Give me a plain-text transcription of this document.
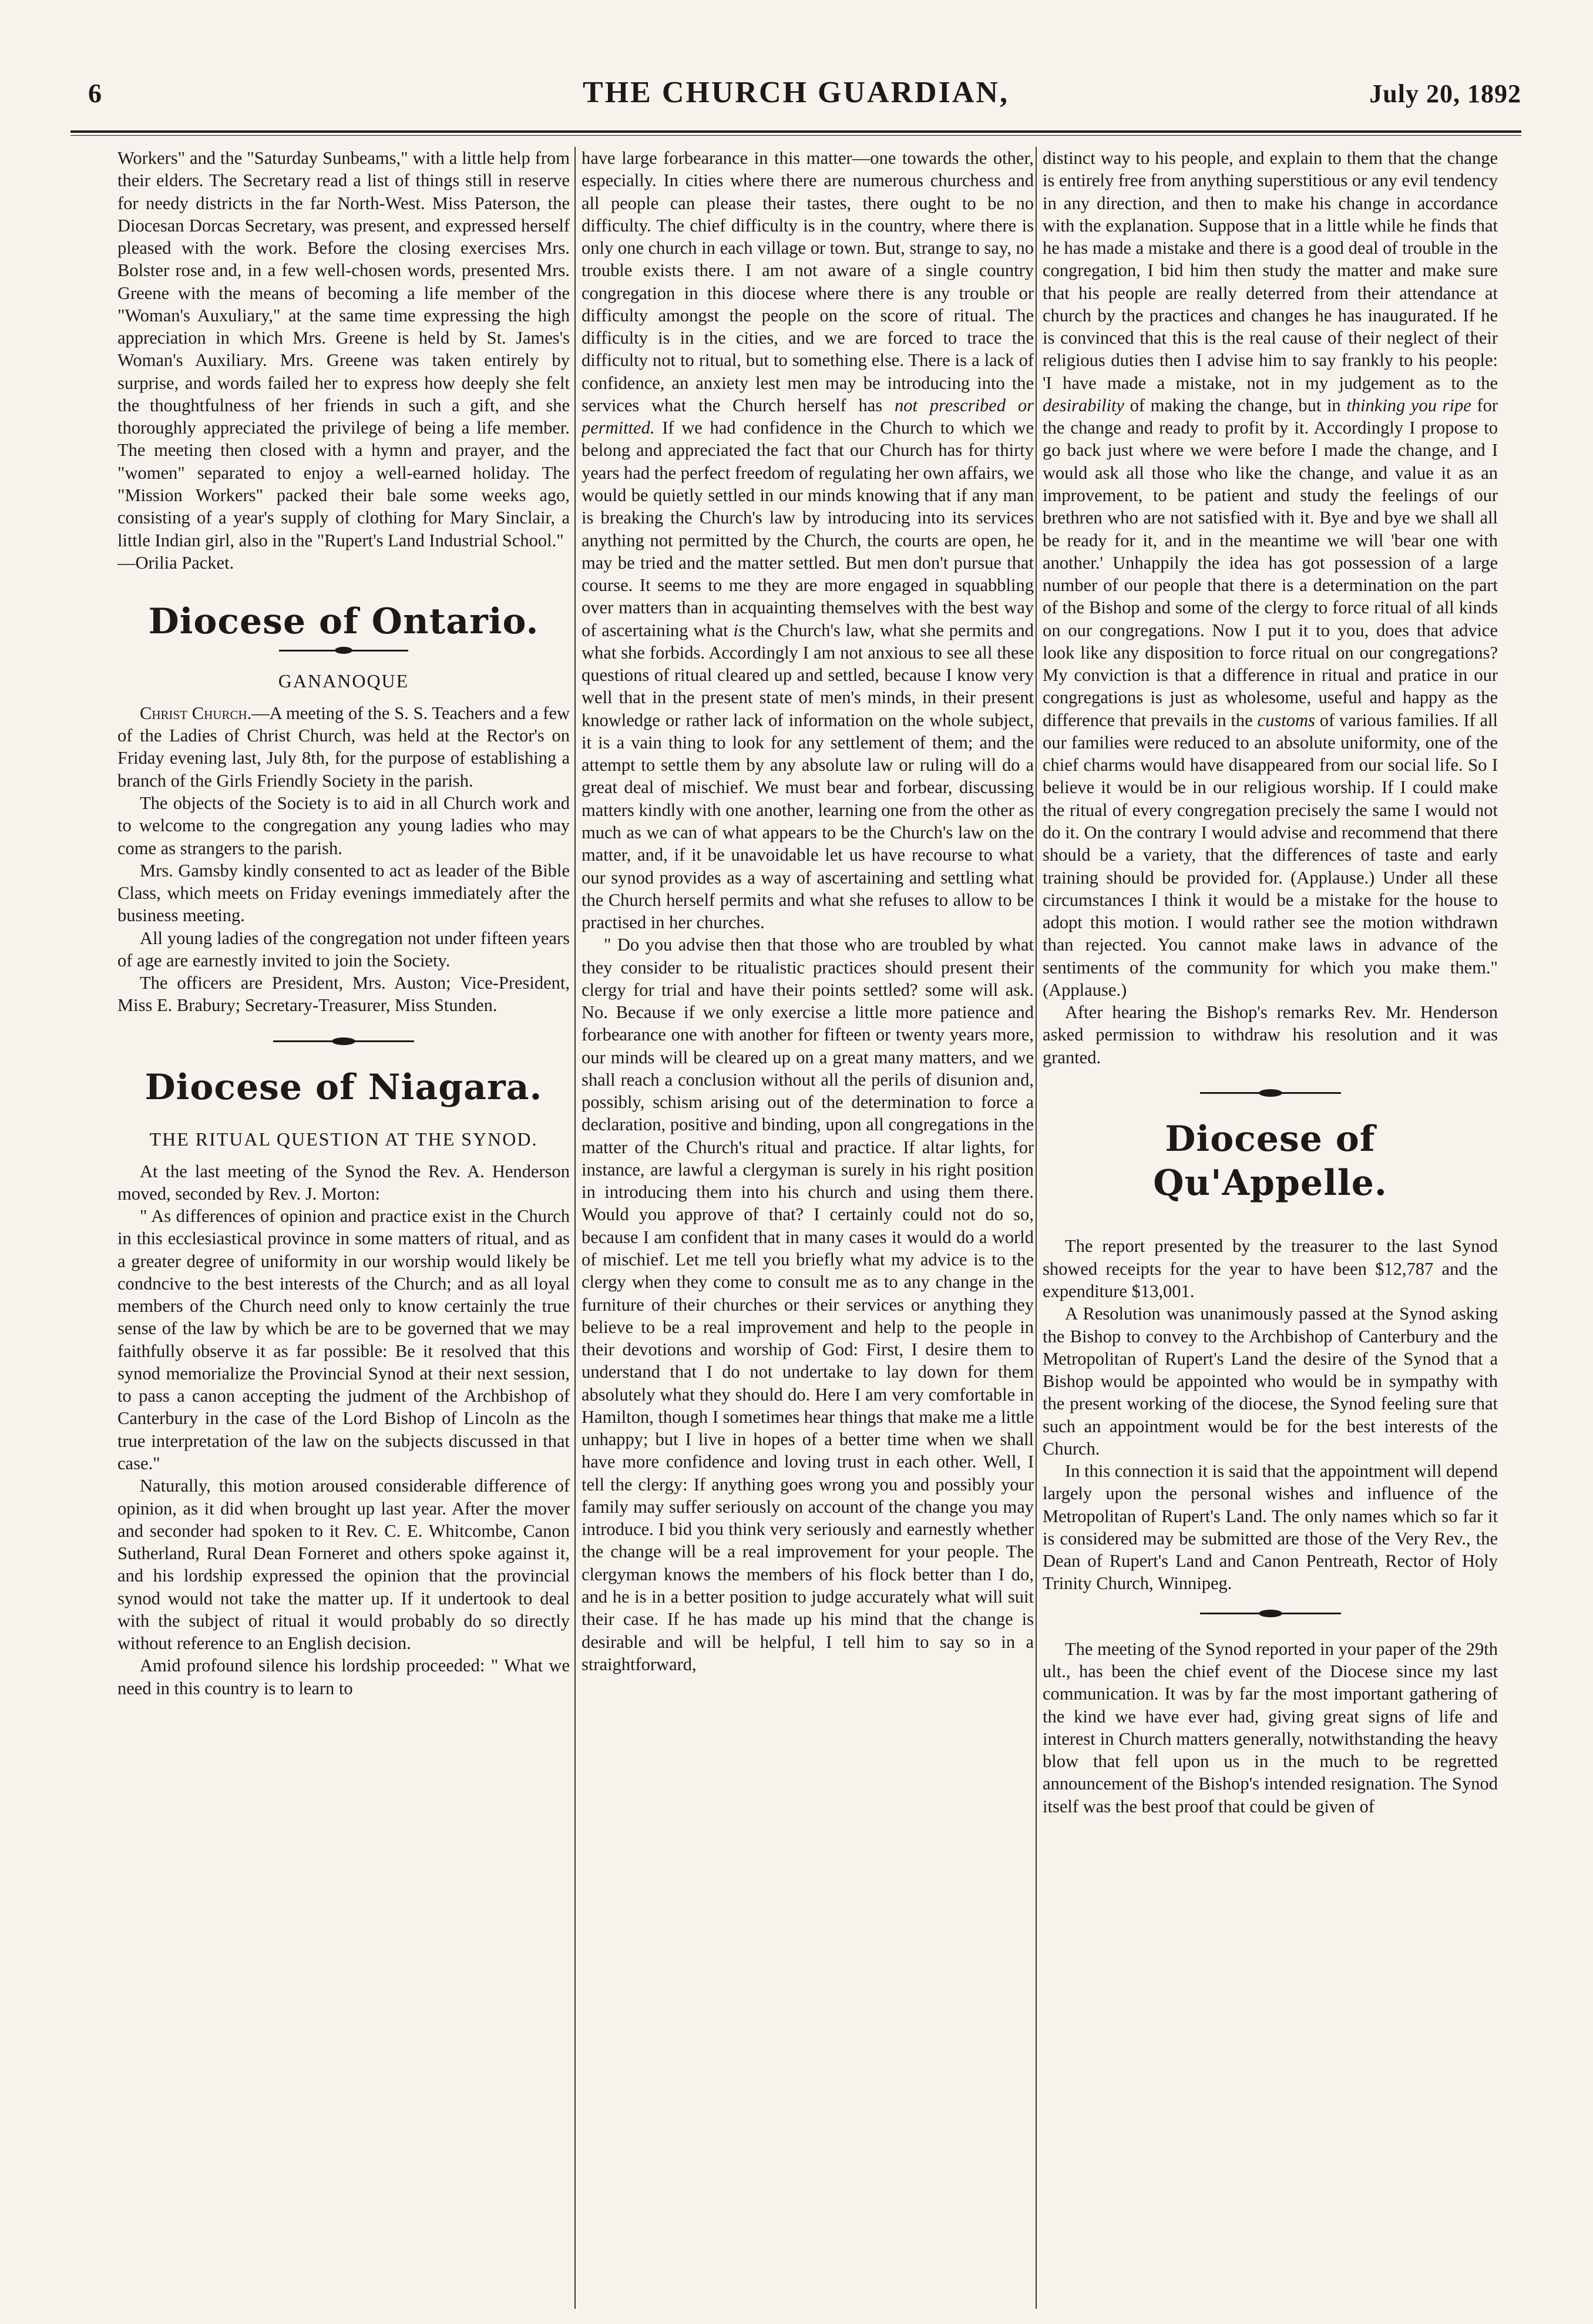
6	THE CHURCH GUARDIAN,	July 20, 1892

Workers" and the "Saturday Sunbeams," with a little help from their elders. The Secretary read a list of things still in reserve for needy districts in the far North-West. Miss Paterson, the Diocesan Dorcas Secretary, was present, and expressed herself pleased with the work. Before the closing exercises Mrs. Bolster rose and, in a few well-chosen words, presented Mrs. Greene with the means of becoming a life member of the "Woman's Auxuliary," at the same time expressing the high appreciation in which Mrs. Greene is held by St. James's Woman's Auxiliary. Mrs. Greene was taken entirely by surprise, and words failed her to express how deeply she felt the thoughtfulness of her friends in such a gift, and she thoroughly appreciated the privilege of being a life member. The meeting then closed with a hymn and prayer, and the "women" separated to enjoy a well-earned holiday. The "Mission Workers" packed their bale some weeks ago, consisting of a year's supply of clothing for Mary Sinclair, a little Indian girl, also in the "Rupert's Land Industrial School."

—Orilia Packet.

Diocese of Ontario.
GANANOQUE

Christ Church.—A meeting of the S. S. Teachers and a few of the Ladies of Christ Church, was held at the Rector's on Friday evening last, July 8th, for the purpose of establishing a branch of the Girls Friendly Society in the parish.

The objects of the Society is to aid in all Church work and to welcome to the congregation any young ladies who may come as strangers to the parish.

Mrs. Gamsby kindly consented to act as leader of the Bible Class, which meets on Friday evenings immediately after the business meeting.

All young ladies of the congregation not under fifteen years of age are earnestly invited to join the Society.

The officers are President, Mrs. Auston; Vice-President, Miss E. Brabury; Secretary-Treasurer, Miss Stunden.

Diocese of Niagara.
THE RITUAL QUESTION AT THE SYNOD.

At the last meeting of the Synod the Rev. A. Henderson moved, seconded by Rev. J. Morton:

" As differences of opinion and practice exist in the Church in this ecclesiastical province in some matters of ritual, and as a greater degree of uniformity in our worship would likely be condncive to the best interests of the Church; and as all loyal members of the Church need only to know certainly the true sense of the law by which be are to be governed that we may faithfully observe it as far possible: Be it resolved that this synod memorialize the Provincial Synod at their next session, to pass a canon accepting the judment of the Archbishop of Canterbury in the case of the Lord Bishop of Lincoln as the true interpretation of the law on the subjects discussed in that case."

Naturally, this motion aroused considerable difference of opinion, as it did when brought up last year. After the mover and seconder had spoken to it Rev. C. E. Whitcombe, Canon Sutherland, Rural Dean Forneret and others spoke against it, and his lordship expressed the opinion that the provincial synod would not take the matter up. If it undertook to deal with the subject of ritual it would probably do so directly without reference to an English decision.

Amid profound silence his lordship proceeded: " What we need in this country is to learn to

have large forbearance in this matter—one towards the other, especially. In cities where there are numerous churchess and all people can please their tastes, there ought to be no difficulty. The chief difficulty is in the country, where there is only one church in each village or town. But, strange to say, no trouble exists there. I am not aware of a single country congregation in this diocese where there is any trouble or difficulty amongst the people on the score of ritual. The difficulty is in the cities, and we are forced to trace the difficulty not to ritual, but to something else. There is a lack of confidence, an anxiety lest men may be introducing into the services what the Church herself has not prescribed or permitted. If we had confidence in the Church to which we belong and appreciated the fact that our Church has for thirty years had the perfect freedom of regulating her own affairs, we would be quietly settled in our minds knowing that if any man is breaking the Church's law by introducing into its services anything not permitted by the Church, the courts are open, he may be tried and the matter settled. But men don't pursue that course. It seems to me they are more engaged in squabbling over matters than in acquainting themselves with the best way of ascertaining what is the Church's law, what she permits and what she forbids. Accordingly I am not anxious to see all these questions of ritual cleared up and settled, because I know very well that in the present state of men's minds, in their present knowledge or rather lack of information on the whole subject, it is a vain thing to look for any settlement of them; and the attempt to settle them by any absolute law or ruling will do a great deal of mischief. We must bear and forbear, discussing matters kindly with one another, learning one from the other as much as we can of what appears to be the Church's law on the matter, and, if it be unavoidable let us have recourse to what our synod provides as a way of ascertaining and settling what the Church herself permits and what she refuses to allow to be practised in her churches.

" Do you advise then that those who are troubled by what they consider to be ritualistic practices should present their clergy for trial and have their points settled? some will ask. No. Because if we only exercise a little more patience and forbearance one with another for fifteen or twenty years more, our minds will be cleared up on a great many matters, and we shall reach a conclusion without all the perils of disunion and, possibly, schism arising out of the determination to force a declaration, positive and binding, upon all congregations in the matter of the Church's ritual and practice. If altar lights, for instance, are lawful a clergyman is surely in his right position in introducing them into his church and using them there. Would you approve of that? I certainly could not do so, because I am confident that in many cases it would do a world of mischief. Let me tell you briefly what my advice is to the clergy when they come to consult me as to any change in the furniture of their churches or their services or anything they believe to be a real improvement and help to the people in their devotions and worship of God: First, I desire them to understand that I do not undertake to lay down for them absolutely what they should do. Here I am very comfortable in Hamilton, though I sometimes hear things that make me a little unhappy; but I live in hopes of a better time when we shall have more confidence and loving trust in each other. Well, I tell the clergy: If anything goes wrong you and possibly your family may suffer seriously on account of the change you may introduce. I bid you think very seriously and earnestly whether the change will be a real improvement for your people. The clergyman knows the members of his flock better than I do, and he is in a better position to judge accurately what will suit their case. If he has made up his mind that the change is desirable and will be helpful, I tell him to say so in a straightforward,

distinct way to his people, and explain to them that the change is entirely free from anything superstitious or any evil tendency in any direction, and then to make his change in accordance with the explanation. Suppose that in a little while he finds that he has made a mistake and there is a good deal of trouble in the congregation, I bid him then study the matter and make sure that his people are really deterred from their attendance at church by the practices and changes he has inaugurated. If he is convinced that this is the real cause of their neglect of their religious duties then I advise him to say frankly to his people: 'I have made a mistake, not in my judgement as to the desirability of making the change, but in thinking you ripe for the change and ready to profit by it. Accordingly I propose to go back just where we were before I made the change, and I would ask all those who like the change, and value it as an improvement, to be patient and study the feelings of our brethren who are not satisfied with it. Bye and bye we shall all be ready for it, and in the meantime we will 'bear one with another.' Unhappily the idea has got possession of a large number of our people that there is a determination on the part of the Bishop and some of the clergy to force ritual of all kinds on our congregations. Now I put it to you, does that advice look like any disposition to force ritual on our congregations? My conviction is that a difference in ritual and pratice in our congregations is just as wholesome, useful and happy as the difference that prevails in the customs of various families. If all our families were reduced to an absolute uniformity, one of the chief charms would have disappeared from our social life. So I believe it would be in our religious worship. If I could make the ritual of every congregation precisely the same I would not do it. On the contrary I would advise and recommend that there should be a variety, that the differences of taste and early training should be provided for. (Applause.) Under all these circumstances I think it would be a mistake for the house to adopt this motion. I would rather see the motion withdrawn than rejected. You cannot make laws in advance of the sentiments of the community for which you make them." (Applause.)

After hearing the Bishop's remarks Rev. Mr. Henderson asked permission to withdraw his resolution and it was granted.

Diocese of Qu'Appelle.

The report presented by the treasurer to the last Synod showed receipts for the year to have been $12,787 and the expenditure $13,001.

A Resolution was unanimously passed at the Synod asking the Bishop to convey to the Archbishop of Canterbury and the Metropolitan of Rupert's Land the desire of the Synod that a Bishop would be appointed who would be in sympathy with the present working of the diocese, the Synod feeling sure that such an appointment would be for the best interests of the Church.

In this connection it is said that the appointment will depend largely upon the personal wishes and influence of the Metropolitan of Rupert's Land. The only names which so far it is considered may be submitted are those of the Very Rev., the Dean of Rupert's Land and Canon Pentreath, Rector of Holy Trinity Church, Winnipeg.

The meeting of the Synod reported in your paper of the 29th ult., has been the chief event of the Diocese since my last communication. It was by far the most important gathering of the kind we have ever had, giving great signs of life and interest in Church matters generally, notwithstanding the heavy blow that fell upon us in the much to be regretted announcement of the Bishop's intended resignation. The Synod itself was the best proof that could be given of
